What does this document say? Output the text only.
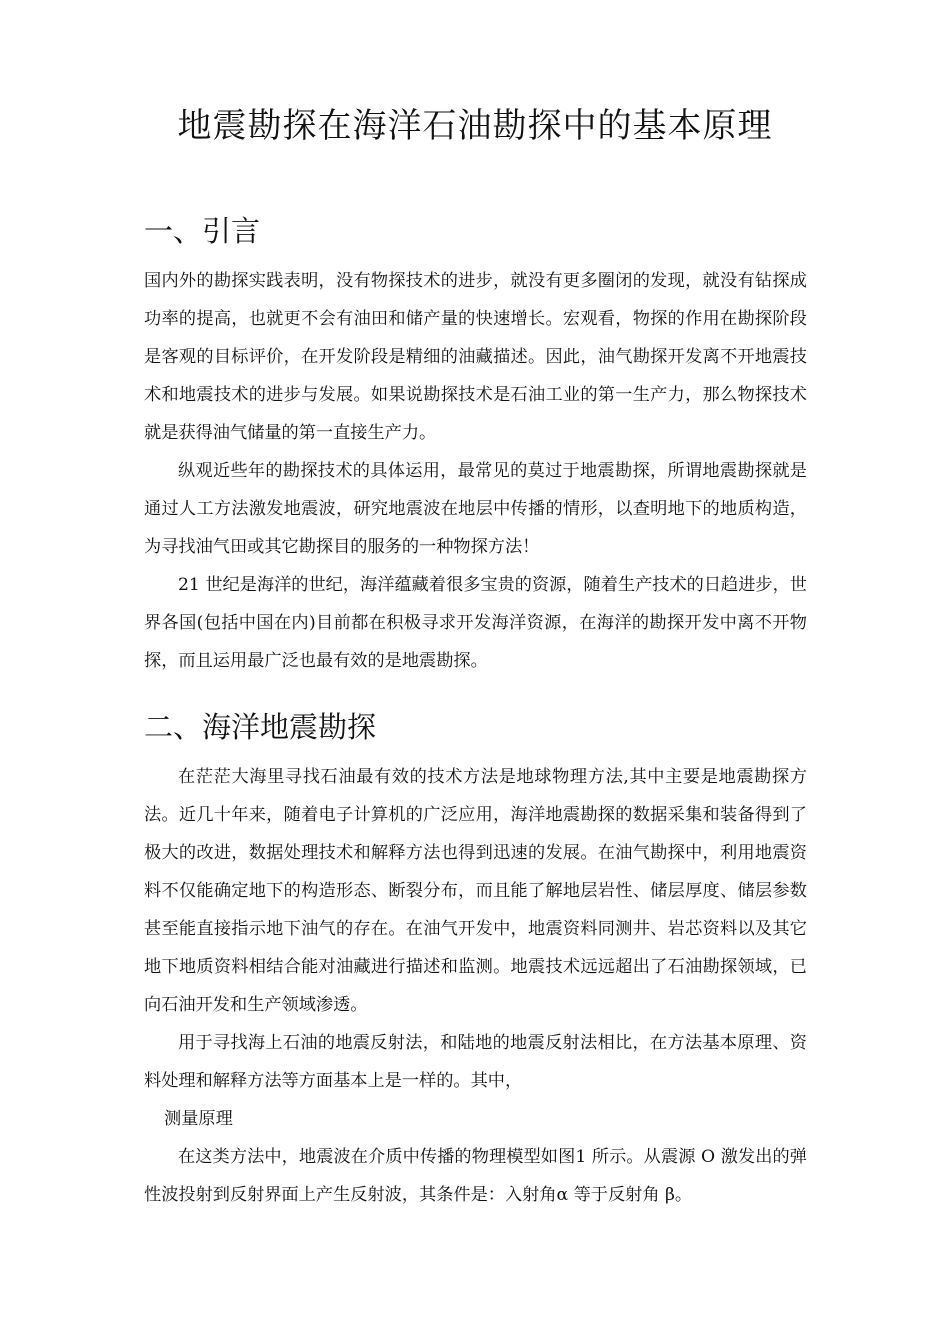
地震勘探在海洋石油勘探中的基本原理
一、引言

国内外的勘探实践表明，没有物探技术的进步，就没有更多圈闭的发现，就没有钻探成功率的提高，也就更不会有油田和储产量的快速增长。宏观看，物探的作用在勘探阶段是客观的目标评价，在开发阶段是精细的油藏描述。因此，油气勘探开发离不开地震技术和地震技术的进步与发展。如果说勘探技术是石油工业的第一生产力，那么物探技术就是获得油气储量的第一直接生产力。

纵观近些年的勘探技术的具体运用，最常见的莫过于地震勘探，所谓地震勘探就是通过人工方法激发地震波，研究地震波在地层中传播的情形，以查明地下的地质构造，为寻找油气田或其它勘探目的服务的一种物探方法！

21 世纪是海洋的世纪，海洋蕴藏着很多宝贵的资源，随着生产技术的日趋进步，世界各国(包括中国在内)目前都在积极寻求开发海洋资源，在海洋的勘探开发中离不开物探，而且运用最广泛也最有效的是地震勘探。

二、海洋地震勘探

在茫茫大海里寻找石油最有效的技术方法是地球物理方法,其中主要是地震勘探方法。近几十年来，随着电子计算机的广泛应用，海洋地震勘探的数据采集和装备得到了极大的改进，数据处理技术和解释方法也得到迅速的发展。在油气勘探中，利用地震资料不仅能确定地下的构造形态、断裂分布，而且能了解地层岩性、储层厚度、储层参数甚至能直接指示地下油气的存在。在油气开发中，地震资料同测井、岩芯资料以及其它地下地质资料相结合能对油藏进行描述和监测。地震技术远远超出了石油勘探领域，已向石油开发和生产领域渗透。

用于寻找海上石油的地震反射法，和陆地的地震反射法相比，在方法基本原理、资料处理和解释方法等方面基本上是一样的。其中，

测量原理

在这类方法中，地震波在介质中传播的物理模型如图1 所示。从震源 O 激发出的弹性波投射到反射界面上产生反射波，其条件是：入射角α 等于反射角 β。
